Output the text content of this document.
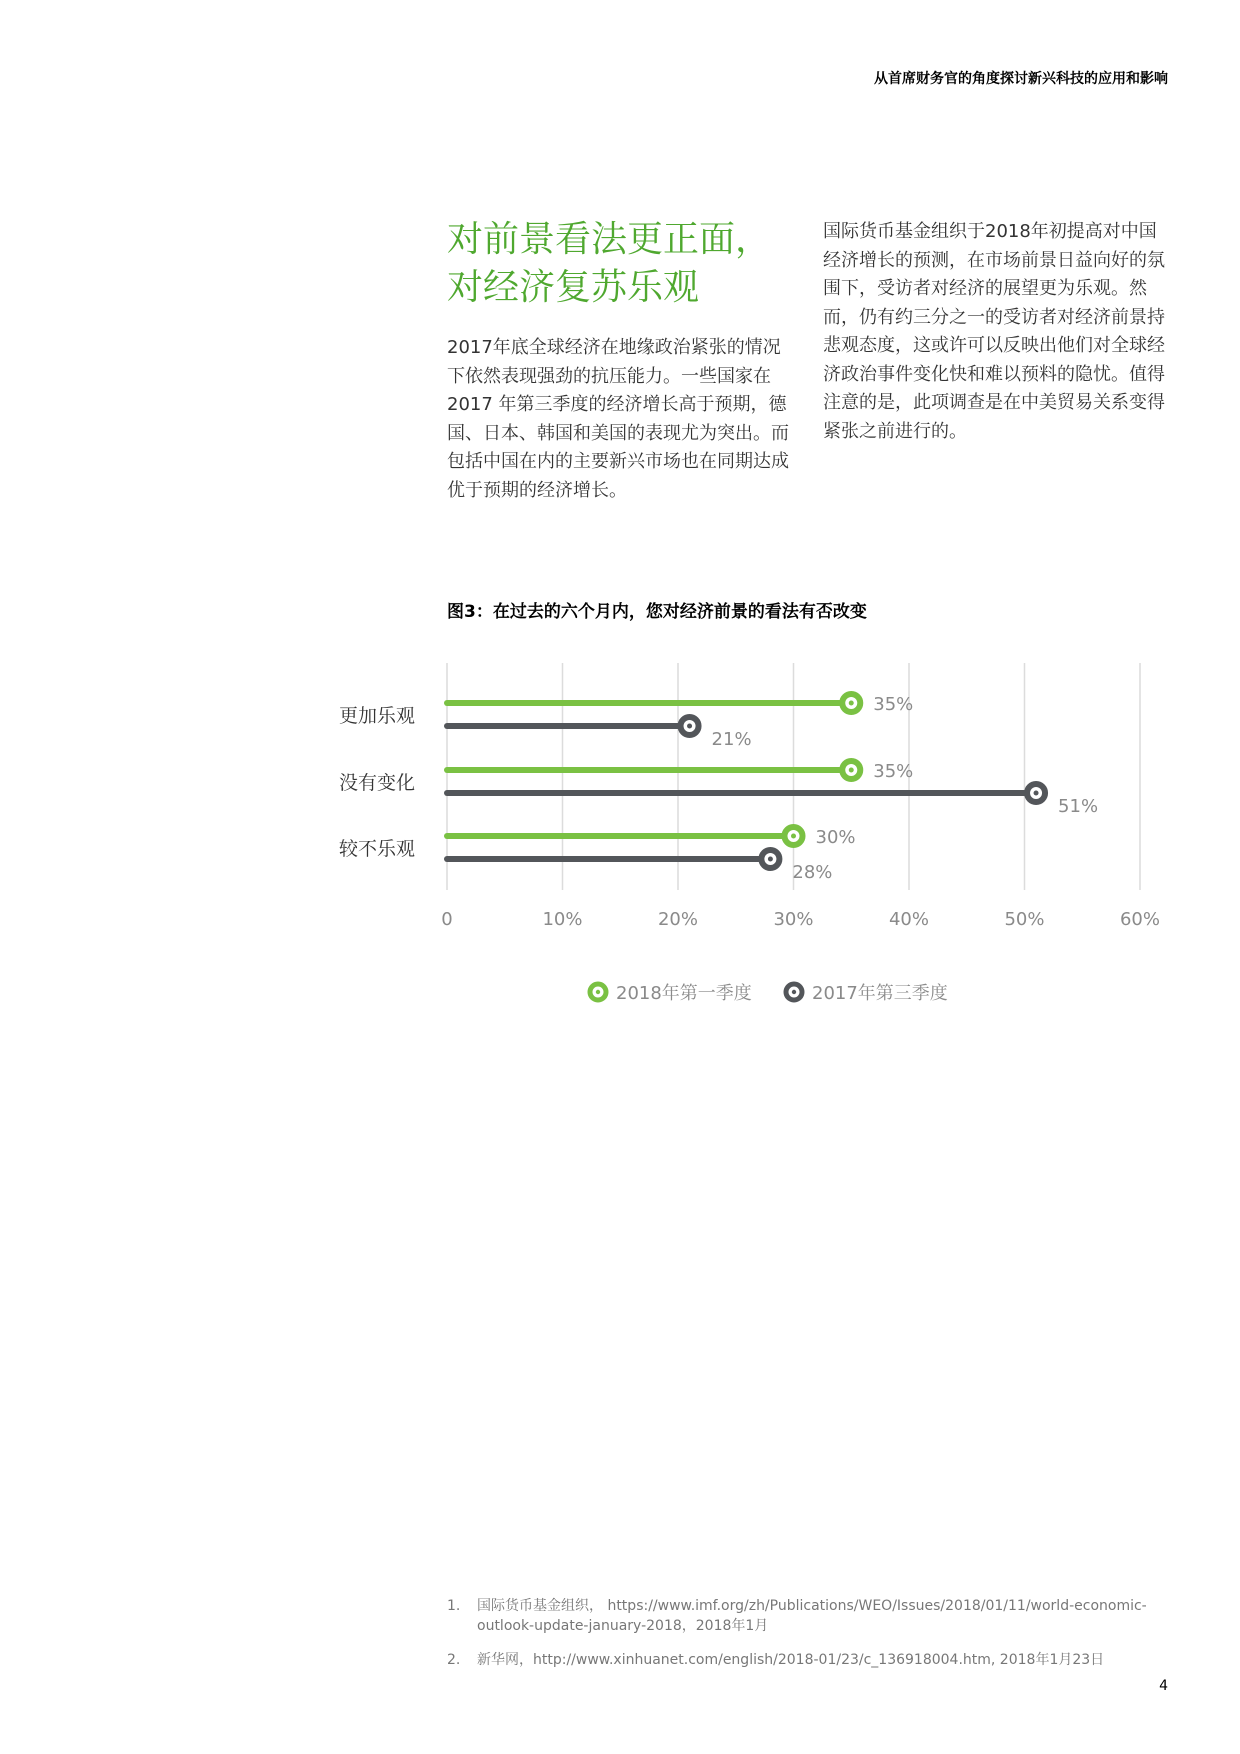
从首席财务官的角度探讨新兴科技的应用和影响
对前景看法更正面，
对经济复苏乐观

2017年底全球经济在地缘政治紧张的情况下依然表现强劲的抗压能力。一些国家在2017 年第三季度的经济增长高于预期，德国、日本、韩国和美国的表现尤为突出。而包括中国在内的主要新兴市场也在同期达成优于预期的经济增长。

国际货币基金组织于2018年初提高对中国经济增长的预测，在市场前景日益向好的氛围下，受访者对经济的展望更为乐观。然而，仍有约三分之一的受访者对经济前景持悲观态度，这或许可以反映出他们对全球经济政治事件变化快和难以预料的隐忧。值得注意的是，此项调查是在中美贸易关系变得紧张之前进行的。

图3：在过去的六个月内，您对经济前景的看法有否改变
0	10%	20%	30%	40%	50%	60%
更加乐观
35%
21%
没有变化
35%
51%
较不乐观
30%
28%
2018年第一季度	2017年第三季度
1.	国际货币基金组织， https://www.imf.org/zh/Publications/WEO/Issues/2018/01/11/world-economic-outlook-update-january-2018，2018年1月
2.	新华网，http://www.xinhuanet.com/english/2018-01/23/c_136918004.htm, 2018年1月23日
4
